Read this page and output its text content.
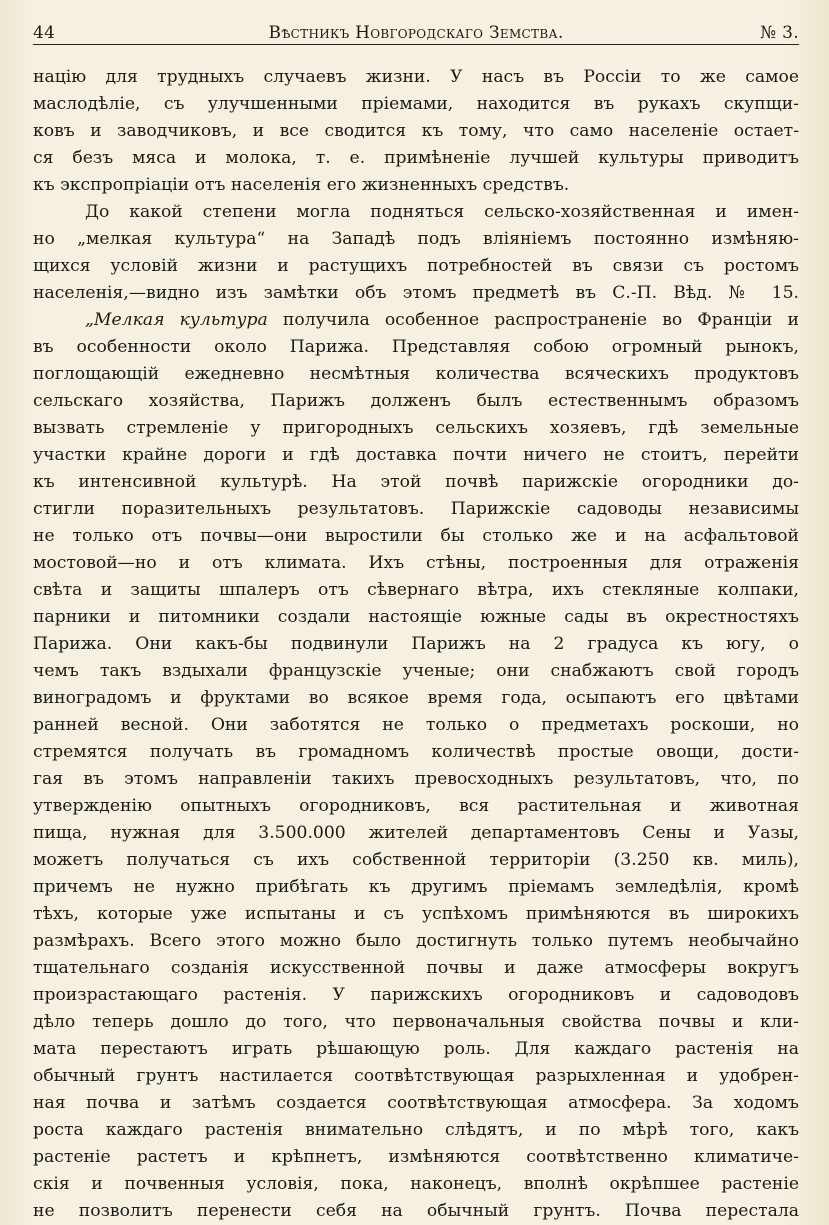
44	Вѣстникъ Новгородскаго Земства.	№ 3.
націю для трудныхъ случаевъ жизни. У насъ въ Россіи то же самое
маслодѣліе, съ улучшенными пріемами, находится въ рукахъ скупщи-
ковъ и заводчиковъ, и все сводится къ тому, что само населеніе остает-
ся безъ мяса и молока, т. е. примѣненіе лучшей культуры приводитъ
къ экспропріаціи отъ населенія его жизненныхъ средствъ.
До какой степени могла подняться сельско-хозяйственная и имен-
но „мелкая культура“ на Западѣ подъ вліяніемъ постоянно измѣняю-
щихся условій жизни и растущихъ потребностей въ связи съ ростомъ
населенія,—видно изъ замѣтки объ этомъ предметѣ въ С.-П. Вѣд. № 15.
„Мелкая культура получила особенное распространеніе во Франціи и
въ особенности около Парижа. Представляя собою огромный рынокъ,
поглощающій ежедневно несмѣтныя количества всяческихъ продуктовъ
сельскаго хозяйства, Парижъ долженъ былъ естественнымъ образомъ
вызвать стремленіе у пригородныхъ сельскихъ хозяевъ, гдѣ земельные
участки крайне дороги и гдѣ доставка почти ничего не стоитъ, перейти
къ интенсивной культурѣ. На этой почвѣ парижскіе огородники до-
стигли поразительныхъ результатовъ. Парижскіе садоводы независимы
не только отъ почвы—они выростили бы столько же и на асфальтовой
мостовой—но и отъ климата. Ихъ стѣны, построенныя для отраженія
свѣта и защиты шпалеръ отъ сѣвернаго вѣтра, ихъ стекляные колпаки,
парники и питомники создали настоящіе южные сады въ окрестностяхъ
Парижа. Они какъ-бы подвинули Парижъ на 2 градуса къ югу, о
чемъ такъ вздыхали французскіе ученые; они снабжаютъ свой городъ
виноградомъ и фруктами во всякое время года, осыпаютъ его цвѣтами
ранней весной. Они заботятся не только о предметахъ роскоши, но
стремятся получать въ громадномъ количествѣ простые овощи, дости-
гая въ этомъ направленіи такихъ превосходныхъ результатовъ, что, по
утвержденію опытныхъ огородниковъ, вся растительная и животная
пища, нужная для 3.500.000 жителей департаментовъ Сены и Уазы,
можетъ получаться съ ихъ собственной территоріи (3.250 кв. миль),
причемъ не нужно прибѣгать къ другимъ пріемамъ земледѣлія, кромѣ
тѣхъ, которые уже испытаны и съ успѣхомъ примѣняются въ широкихъ
размѣрахъ. Всего этого можно было достигнуть только путемъ необычайно
тщательнаго созданія искусственной почвы и даже атмосферы вокругъ
произрастающаго растенія. У парижскихъ огородниковъ и садоводовъ
дѣло теперь дошло до того, что первоначальныя свойства почвы и кли-
мата перестаютъ играть рѣшающую роль. Для каждаго растенія на
обычный грунтъ настилается соотвѣтствующая разрыхленная и удобрен-
ная почва и затѣмъ создается соотвѣтствующая атмосфера. За ходомъ
роста каждаго растенія внимательно слѣдятъ, и по мѣрѣ того, какъ
растеніе растетъ и крѣпнетъ, измѣняются соотвѣтственно климатиче-
скія и почвенныя условія, пока, наконецъ, вполнѣ окрѣпшее растеніе
не позволитъ перенести себя на обычный грунтъ. Почва перестала
